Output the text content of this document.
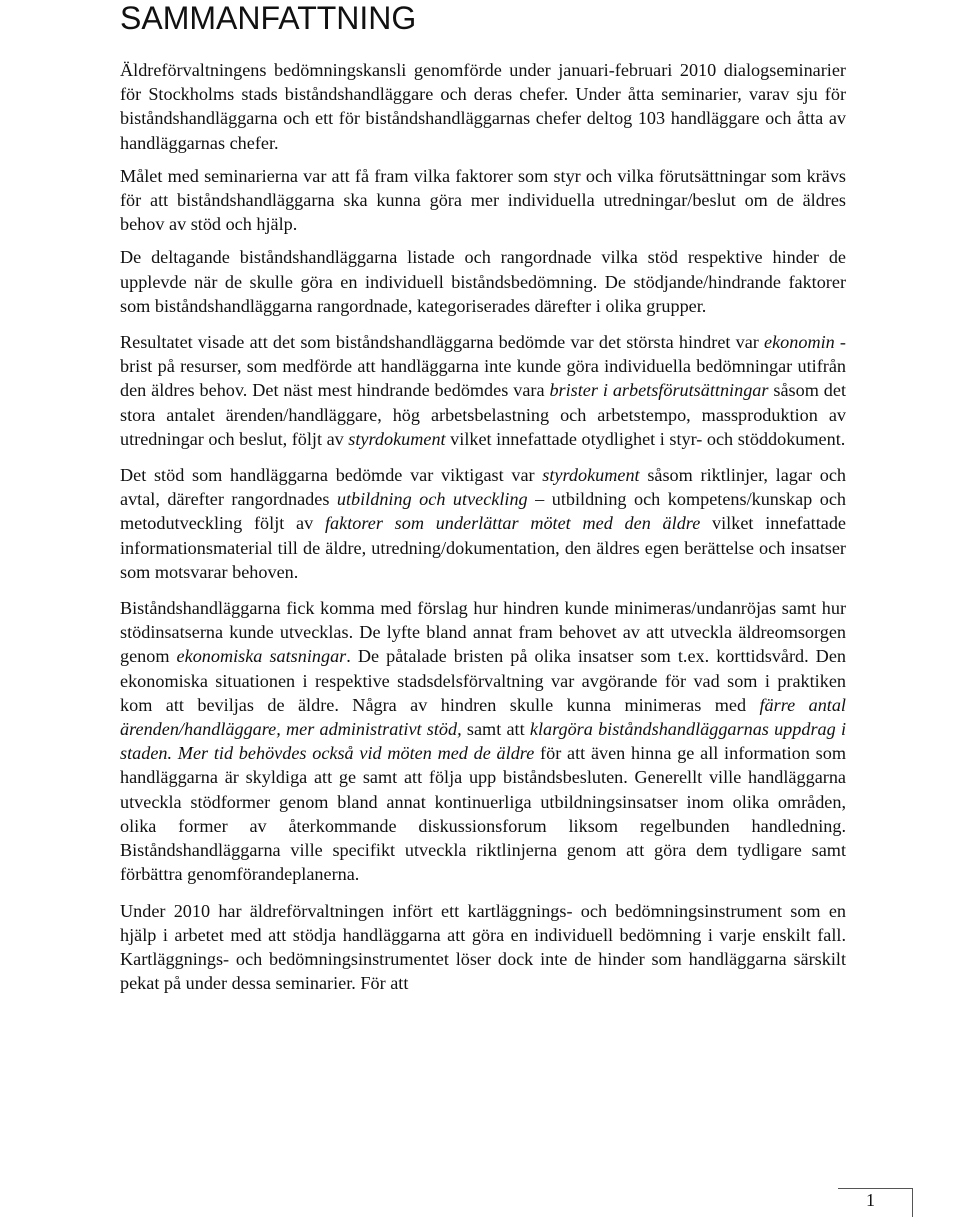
SAMMANFATTNING

Äldreförvaltningens bedömningskansli genomförde under januari-februari 2010 dialogseminarier för Stockholms stads biståndshandläggare och deras chefer. Under åtta seminarier, varav sju för biståndshandläggarna och ett för biståndshandläggarnas chefer deltog 103 handläggare och åtta av handläggarnas chefer.

Målet med seminarierna var att få fram vilka faktorer som styr och vilka förutsättningar som krävs för att biståndshandläggarna ska kunna göra mer individuella utredningar/beslut om de äldres behov av stöd och hjälp.

De deltagande biståndshandläggarna listade och rangordnade vilka stöd respektive hinder de upplevde när de skulle göra en individuell biståndsbedömning. De stödjande/hindrande faktorer som biståndshandläggarna rangordnade, kategoriserades därefter i olika grupper.

Resultatet visade att det som biståndshandläggarna bedömde var det största hindret var ekonomin - brist på resurser, som medförde att handläggarna inte kunde göra individuella bedömningar utifrån den äldres behov. Det näst mest hindrande bedömdes vara brister i arbetsförutsättningar såsom det stora antalet ärenden/handläggare, hög arbetsbelastning och arbetstempo, massproduktion av utredningar och beslut, följt av styrdokument vilket innefattade otydlighet i styr- och stöddokument.

Det stöd som handläggarna bedömde var viktigast var styrdokument såsom riktlinjer, lagar och avtal, därefter rangordnades utbildning och utveckling – utbildning och kompetens/kunskap och metodutveckling följt av faktorer som underlättar mötet med den äldre vilket innefattade informationsmaterial till de äldre, utredning/dokumentation, den äldres egen berättelse och insatser som motsvarar behoven.

Biståndshandläggarna fick komma med förslag hur hindren kunde minimeras/undanröjas samt hur stödinsatserna kunde utvecklas. De lyfte bland annat fram behovet av att utveckla äldreomsorgen genom ekonomiska satsningar. De påtalade bristen på olika insatser som t.ex. korttidsvård. Den ekonomiska situationen i respektive stadsdelsförvaltning var avgörande för vad som i praktiken kom att beviljas de äldre. Några av hindren skulle kunna minimeras med färre antal ärenden/handläggare, mer administrativt stöd, samt att klargöra biståndshandläggarnas uppdrag i staden. Mer tid behövdes också vid möten med de äldre för att även hinna ge all information som handläggarna är skyldiga att ge samt att följa upp biståndsbesluten. Generellt ville handläggarna utveckla stödformer genom bland annat kontinuerliga utbildningsinsatser inom olika områden, olika former av återkommande diskussionsforum liksom regelbunden handledning. Biståndshandläggarna ville specifikt utveckla riktlinjerna genom att göra dem tydligare samt förbättra genomförandeplanerna.

Under 2010 har äldreförvaltningen infört ett kartläggnings- och bedömningsinstrument som en hjälp i arbetet med att stödja handläggarna att göra en individuell bedömning i varje enskilt fall. Kartläggnings- och bedömningsinstrumentet löser dock inte de hinder som handläggarna särskilt pekat på under dessa seminarier. För att

1
